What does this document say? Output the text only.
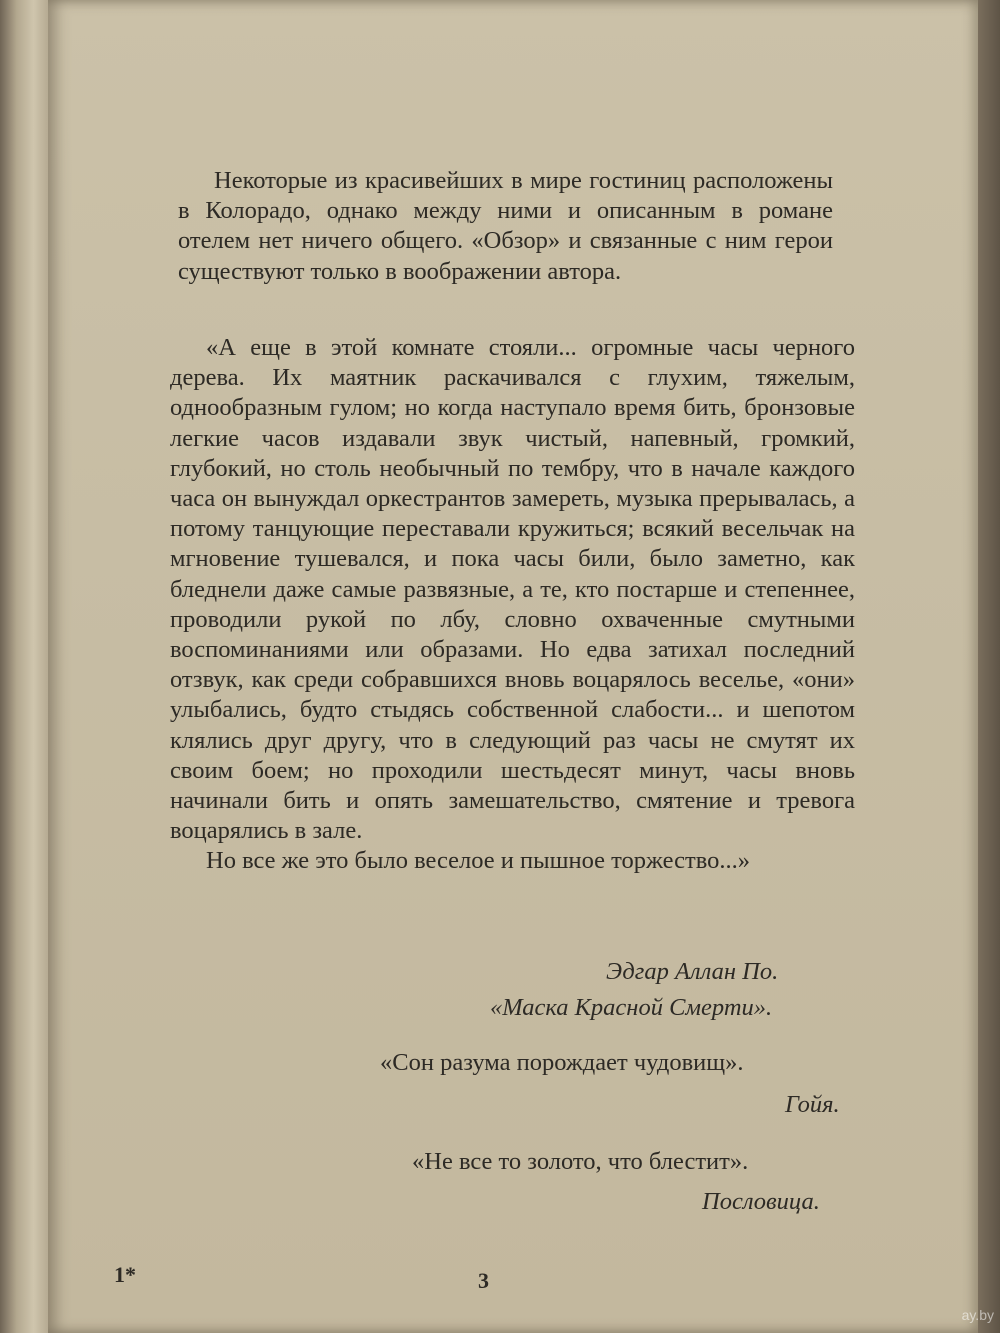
Некоторые из красивейших в мире гостиниц расположены в Колорадо, однако между ними и описанным в романе отелем нет ничего общего. «Обзор» и связанные с ним герои существуют только в воображении автора.

«А еще в этой комнате стояли... огромные часы черного дерева. Их маятник раскачивался с глухим, тяжелым, однообразным гулом; но когда наступало время бить, бронзовые легкие часов издавали звук чистый, напевный, громкий, глубокий, но столь необычный по тембру, что в начале каждого часа он вынуждал оркестрантов замереть, музыка прерывалась, а потому танцующие переставали кружиться; всякий весельчак на мгновение тушевался, и пока часы били, было заметно, как бледнели даже самые развязные, а те, кто постарше и степеннее, проводили рукой по лбу, словно охваченные смутными воспоминаниями или образами. Но едва затихал последний отзвук, как среди собравшихся вновь воцарялось веселье, «они» улыбались, будто стыдясь собственной слабости... и шепотом клялись друг другу, что в следующий раз часы не смутят их своим боем; но проходили шестьдесят минут, часы вновь начинали бить и опять замешательство, смятение и тревога воцарялись в зале.

Но все же это было веселое и пышное торжество...»

Эдгар Аллан По.
«Маска Красной Смерти».
«Сон разума порождает чудовищ».
Гойя.
«Не все то золото, что блестит».
Пословица.
1*	3
ay.by
